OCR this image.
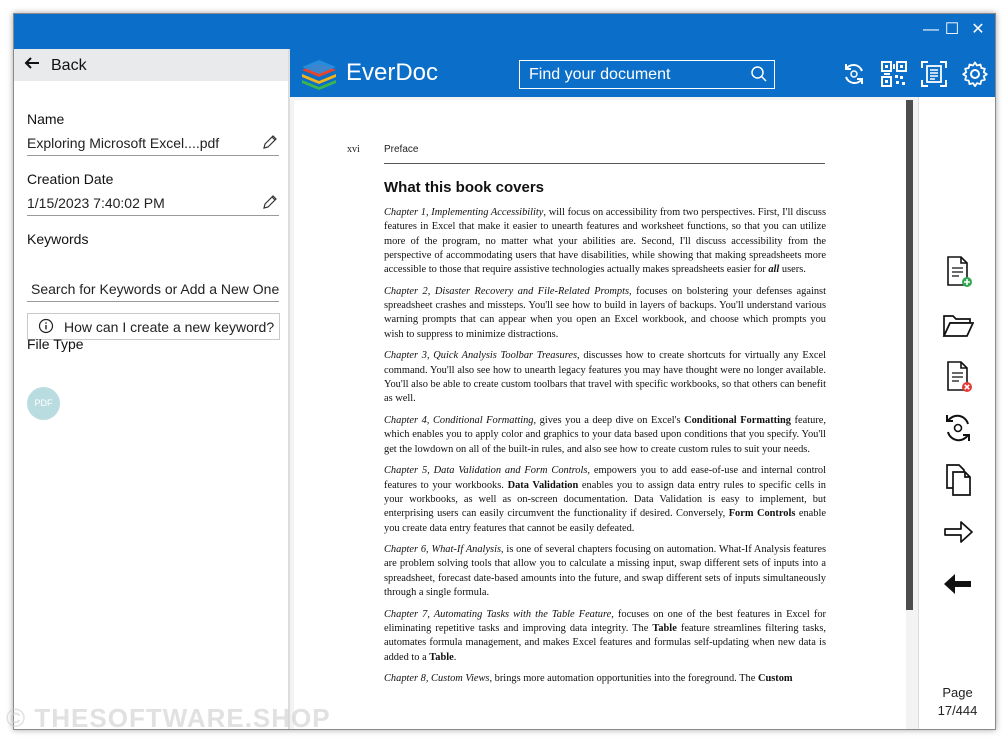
— ☐ ✕
Back
Name
Exploring Microsoft Excel....pdf
Creation Date
1/15/2023 7:40:02 PM
Keywords
Search for Keywords or Add a New One
How can I create a new keyword?
File Type
PDF
EverDoc	Find your document
xvi Preface
What this book covers

Chapter 1, Implementing Accessibility, will focus on accessibility from two perspectives. First, I'll discuss features in Excel that make it easier to unearth features and worksheet functions, so that you can utilize more of the program, no matter what your abilities are. Second, I'll discuss accessibility from the perspective of accommodating users that have disabilities, while showing that making spreadsheets more accessible to those that require assistive technologies actually makes spreadsheets easier for all users.

Chapter 2, Disaster Recovery and File-Related Prompts, focuses on bolstering your defenses against spreadsheet crashes and missteps. You'll see how to build in layers of backups. You'll understand various warning prompts that can appear when you open an Excel workbook, and choose which prompts you wish to suppress to minimize distractions.

Chapter 3, Quick Analysis Toolbar Treasures, discusses how to create shortcuts for virtually any Excel command. You'll also see how to unearth legacy features you may have thought were no longer available. You'll also be able to create custom toolbars that travel with specific workbooks, so that others can benefit as well.

Chapter 4, Conditional Formatting, gives you a deep dive on Excel's Conditional Formatting feature, which enables you to apply color and graphics to your data based upon conditions that you specify. You'll get the lowdown on all of the built-in rules, and also see how to create custom rules to suit your needs.

Chapter 5, Data Validation and Form Controls, empowers you to add ease-of-use and internal control features to your workbooks. Data Validation enables you to assign data entry rules to specific cells in your workbooks, as well as on-screen documentation. Data Validation is easy to implement, but enterprising users can easily circumvent the functionality if desired. Conversely, Form Controls enable you create data entry features that cannot be easily defeated.

Chapter 6, What-If Analysis, is one of several chapters focusing on automation. What-If Analysis features are problem solving tools that allow you to calculate a missing input, swap different sets of inputs into a spreadsheet, forecast date-based amounts into the future, and swap different sets of inputs simultaneously through a single formula.

Chapter 7, Automating Tasks with the Table Feature, focuses on one of the best features in Excel for eliminating repetitive tasks and improving data integrity. The Table feature streamlines filtering tasks, automates formula management, and makes Excel features and formulas self-updating when new data is added to a Table.

Chapter 8, Custom Views, brings more automation opportunities into the foreground. The Custom

Page
17/444
© THESOFTWARE.SHOP
